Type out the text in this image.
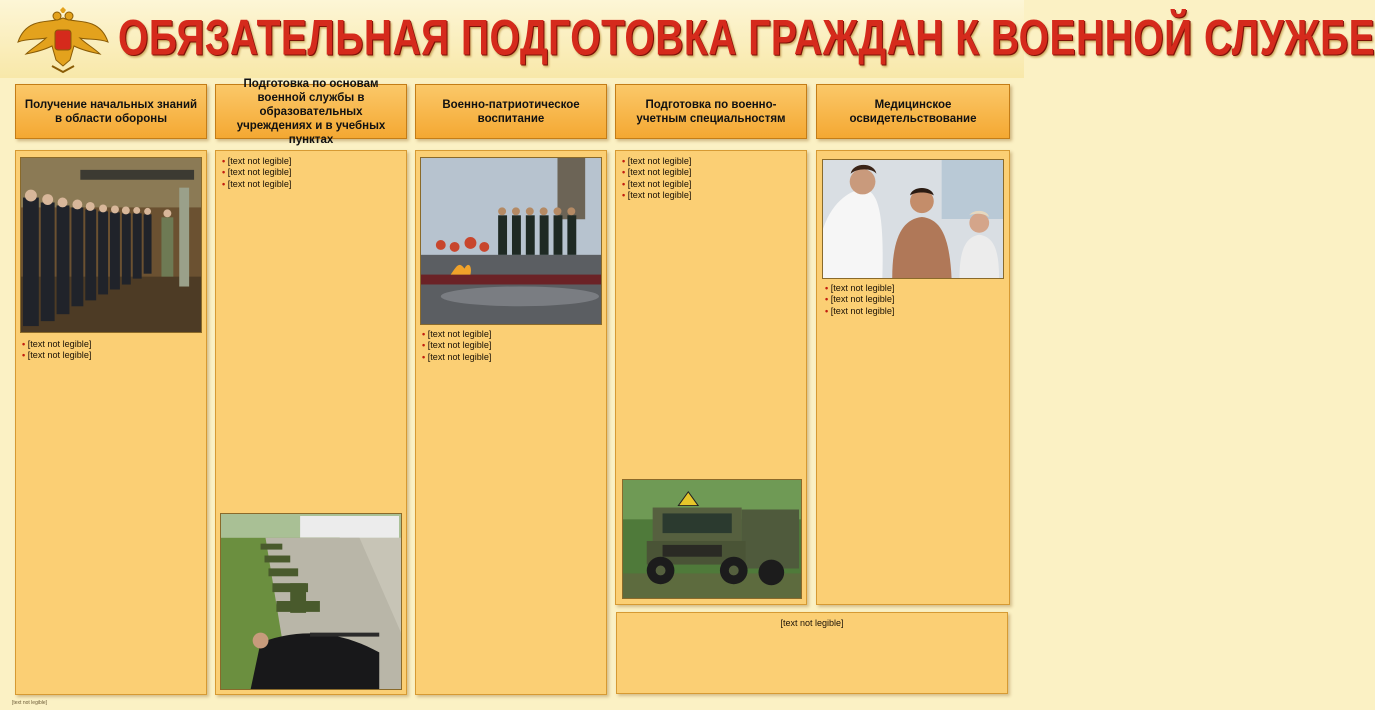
ОБЯЗАТЕЛЬНАЯ ПОДГОТОВКА ГРАЖДАН К ВОЕННОЙ СЛУЖБЕ
Получение начальных знаний в области обороны
Подготовка по основам военной службы в образовательных учреждениях и в учебных пунктах
Военно-патриотическое воспитание
Подготовка по военно-учетным специальностям
Медицинское освидетельствование

• [text not legible]

• [text not legible]

• [text not legible]

• [text not legible]

• [text not legible]

• [text not legible]

• [text not legible]

• [text not legible]

• [text not legible]

• [text not legible]

• [text not legible]

• [text not legible]

• [text not legible]

• [text not legible]

• [text not legible]

[text not legible]
[text not legible]
